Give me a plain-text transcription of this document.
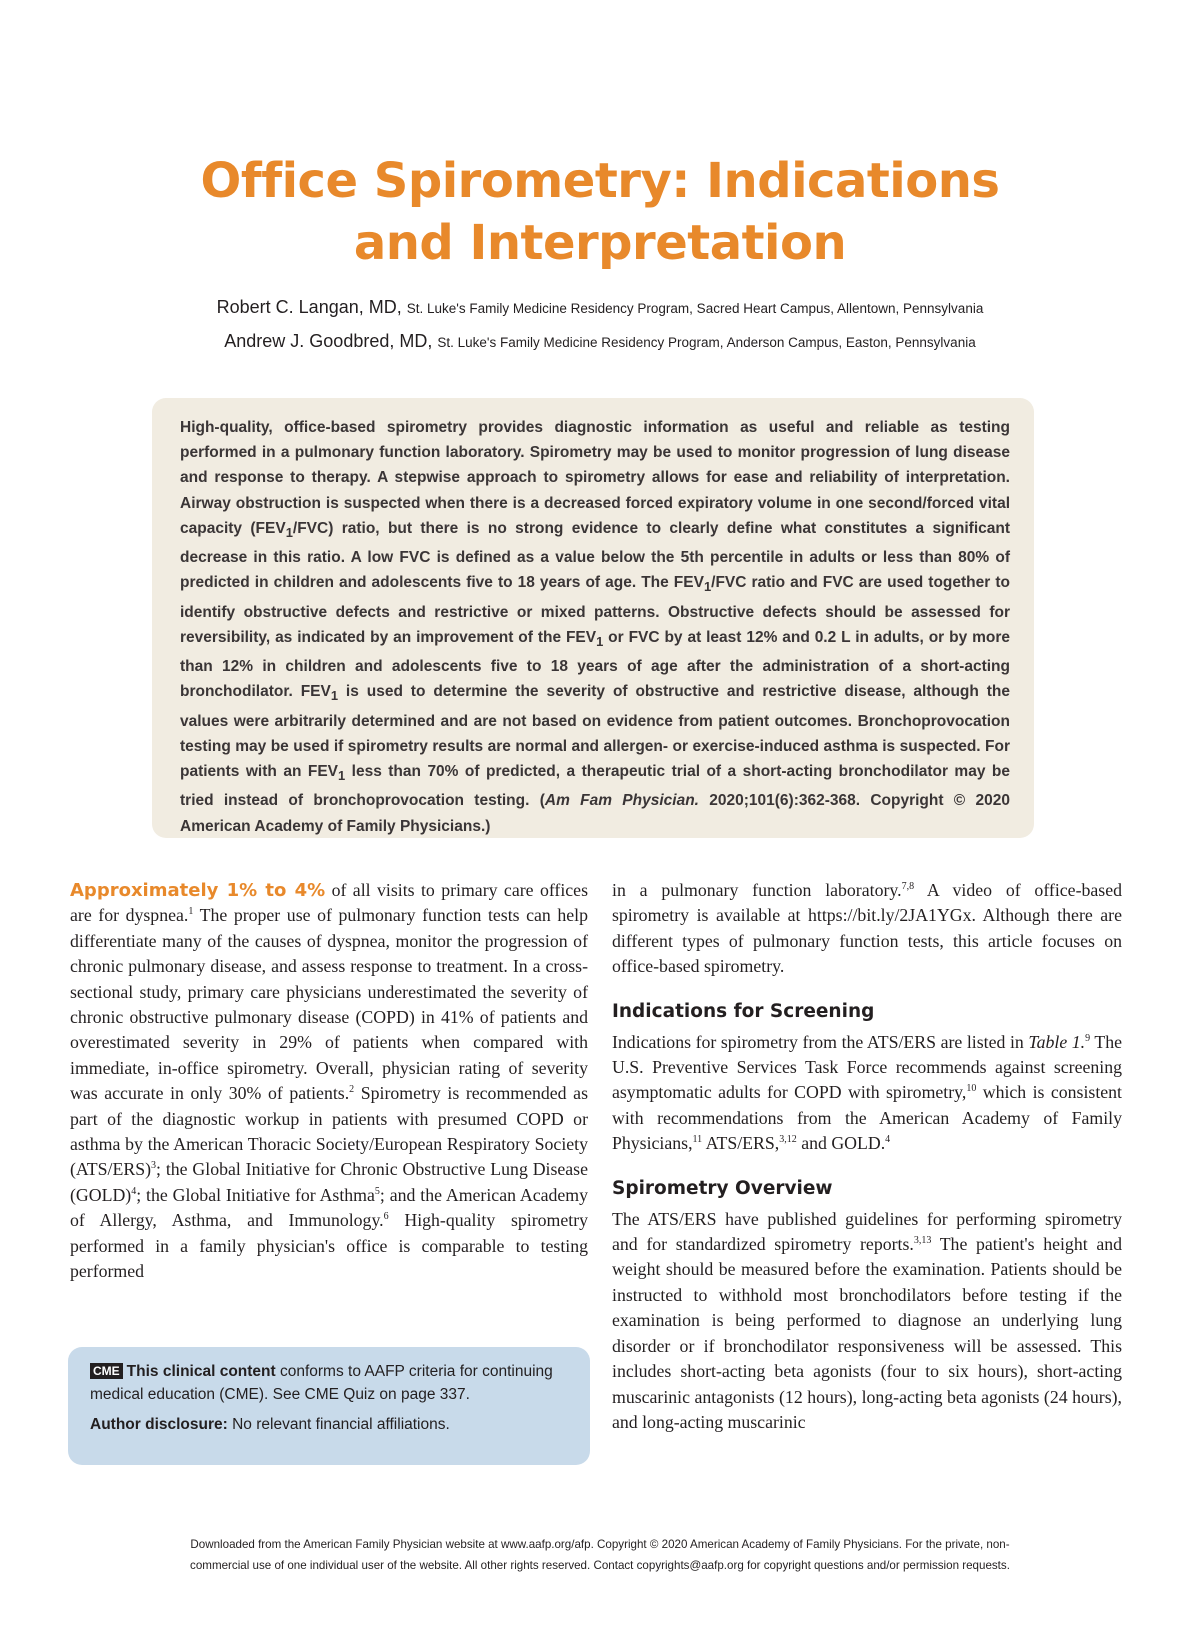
Office Spirometry: Indications
and Interpretation
Robert C. Langan, MD, St. Luke's Family Medicine Residency Program, Sacred Heart Campus, Allentown, Pennsylvania
Andrew J. Goodbred, MD, St. Luke's Family Medicine Residency Program, Anderson Campus, Easton, Pennsylvania
High-quality, office-based spirometry provides diagnostic information as useful and reliable as testing performed in a pulmonary function laboratory. Spirometry may be used to monitor progression of lung disease and response to therapy. A stepwise approach to spirometry allows for ease and reliability of interpretation. Airway obstruction is suspected when there is a decreased forced expiratory volume in one second/forced vital capacity $(FEV_1/FVC)$ ratio, but there is no strong evidence to clearly define what constitutes a significant decrease in this ratio. A low FVC is defined as a value below the 5th percentile in adults or less than 80% of predicted in children and adolescents five to 18 years of age. The $FEV_1$/FVC ratio and FVC are used together to identify obstructive defects and restrictive or mixed patterns. Obstructive defects should be assessed for reversibility, as indicated by an improvement of the $FEV_1$ or FVC by at least 12% and 0.2 L in adults, or by more than 12% in children and adolescents five to 18 years of age after the administration of a short-acting bronchodilator. $FEV_1$ is used to determine the severity of obstructive and restrictive disease, although the values were arbitrarily determined and are not based on evidence from patient outcomes. Bronchoprovocation testing may be used if spirometry results are normal and allergen- or exercise-induced asthma is suspected. For patients with an $FEV_1$ less than 70% of predicted, a therapeutic trial of a short-acting bronchodilator may be tried instead of bronchoprovocation testing. (Am Fam Physician. 2020;101(6):362-368. Copyright © 2020 American Academy of Family Physicians.)

Approximately 1% to 4% of all visits to primary care offices are for dyspnea.$^1$ The proper use of pulmonary function tests can help differentiate many of the causes of dyspnea, monitor the progression of chronic pulmonary disease, and assess response to treatment. In a cross-sectional study, primary care physicians underestimated the severity of chronic obstructive pulmonary disease (COPD) in 41% of patients and overestimated severity in 29% of patients when compared with immediate, in-office spirometry. Overall, physician rating of severity was accurate in only 30% of patients.$^2$ Spirometry is recommended as part of the diagnostic workup in patients with presumed COPD or asthma by the American Thoracic Society/European Respiratory Society $(ATS/ERS)^3$; the Global Initiative for Chronic Obstructive Lung Disease (GOLD)$^4$; the Global Initiative for Asthma$^5$; and the American Academy of Allergy, Asthma, and Immunology.$^6$ High-quality spirometry performed in a family physician's office is comparable to testing performed

CME This clinical content conforms to AAFP criteria for continuing medical education (CME). See CME Quiz on page 337.
Author disclosure: No relevant financial affiliations.

in a pulmonary function laboratory.$^{7,8}$ A video of office-based spirometry is available at https://bit.ly/2JA1YGx. Although there are different types of pulmonary function tests, this article focuses on office-based spirometry.

Indications for Screening

Indications for spirometry from the ATS/ERS are listed in Table 1.$^9$ The U.S. Preventive Services Task Force recommends against screening asymptomatic adults for COPD with spirometry,$^{10}$ which is consistent with recommendations from the American Academy of Family Physicians,$^{11}$ ATS/ERS,$^{3,12}$ and GOLD.$^4$

Spirometry Overview

The ATS/ERS have published guidelines for performing spirometry and for standardized spirometry reports.$^{3,13}$ The patient's height and weight should be measured before the examination. Patients should be instructed to withhold most bronchodilators before testing if the examination is being performed to diagnose an underlying lung disorder or if bronchodilator responsiveness will be assessed. This includes short-acting beta agonists (four to six hours), short-acting muscarinic antagonists (12 hours), long-acting beta agonists (24 hours), and long-acting muscarinic

Downloaded from the American Family Physician website at www.aafp.org/afp. Copyright © 2020 American Academy of Family Physicians. For the private, non-
commercial use of one individual user of the website. All other rights reserved. Contact copyrights@aafp.org for copyright questions and/or permission requests.
